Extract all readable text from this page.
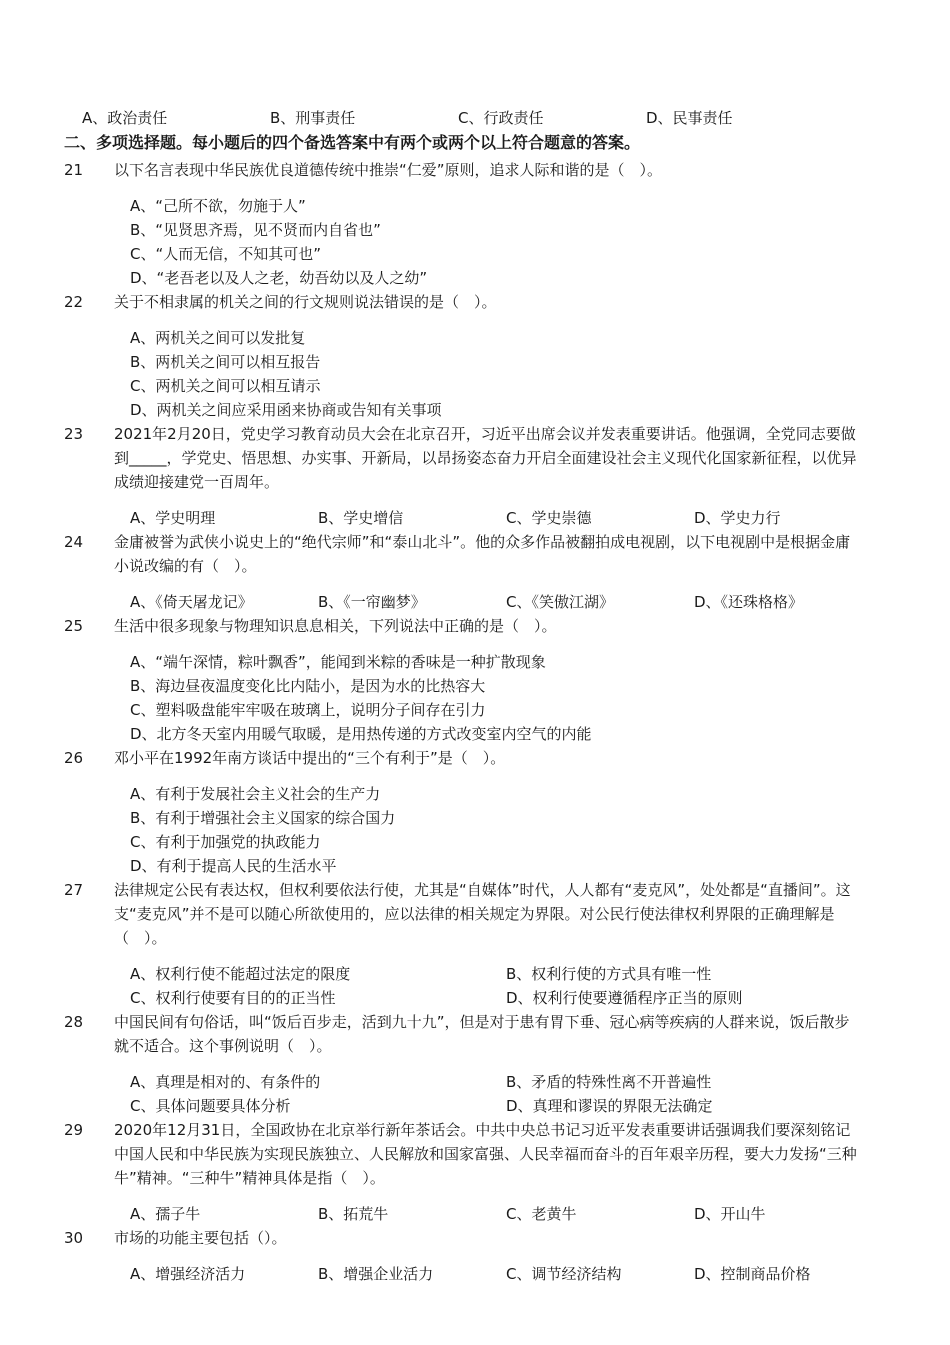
A、政治责任	B、刑事责任	C、行政责任	D、民事责任
二、多项选择题。每小题后的四个备选答案中有两个或两个以上符合题意的答案。
21 以下名言表现中华民族优良道德传统中推崇“仁爱”原则，追求人际和谐的是（　）。
A、“己所不欲，勿施于人”
B、“见贤思齐焉，见不贤而内自省也”
C、“人而无信，不知其可也”
D、“老吾老以及人之老，幼吾幼以及人之幼”
22 关于不相隶属的机关之间的行文规则说法错误的是（　）。
A、两机关之间可以发批复
B、两机关之间可以相互报告
C、两机关之间可以相互请示
D、两机关之间应采用函来协商或告知有关事项
23 2021年2月20日，党史学习教育动员大会在北京召开，习近平出席会议并发表重要讲话。他强调，全党同志要做到_____，学党史、悟思想、办实事、开新局，以昂扬姿态奋力开启全面建设社会主义现代化国家新征程，以优异成绩迎接建党一百周年。
A、学史明理	B、学史增信	C、学史崇德	D、学史力行
24 金庸被誉为武侠小说史上的“绝代宗师”和“泰山北斗”。他的众多作品被翻拍成电视剧，以下电视剧中是根据金庸小说改编的有（　）。
A、《倚天屠龙记》	B、《一帘幽梦》	C、《笑傲江湖》	D、《还珠格格》
25 生活中很多现象与物理知识息息相关，下列说法中正确的是（　）。
A、“端午深情，粽叶飘香”，能闻到米粽的香味是一种扩散现象
B、海边昼夜温度变化比内陆小，是因为水的比热容大
C、塑料吸盘能牢牢吸在玻璃上，说明分子间存在引力
D、北方冬天室内用暖气取暖，是用热传递的方式改变室内空气的内能
26 邓小平在1992年南方谈话中提出的“三个有利于”是（　）。
A、有利于发展社会主义社会的生产力
B、有利于增强社会主义国家的综合国力
C、有利于加强党的执政能力
D、有利于提高人民的生活水平
27 法律规定公民有表达权，但权利要依法行使，尤其是“自媒体”时代，人人都有“麦克风”，处处都是“直播间”。这支“麦克风”并不是可以随心所欲使用的，应以法律的相关规定为界限。对公民行使法律权利界限的正确理解是（　）。
A、权利行使不能超过法定的限度	B、权利行使的方式具有唯一性
C、权利行使要有目的的正当性	D、权利行使要遵循程序正当的原则
28 中国民间有句俗话，叫“饭后百步走，活到九十九”，但是对于患有胃下垂、冠心病等疾病的人群来说，饭后散步就不适合。这个事例说明（　）。
A、真理是相对的、有条件的	B、矛盾的特殊性离不开普遍性
C、具体问题要具体分析	D、真理和谬误的界限无法确定
29 2020年12月31日，全国政协在北京举行新年茶话会。中共中央总书记习近平发表重要讲话强调我们要深刻铭记中国人民和中华民族为实现民族独立、人民解放和国家富强、人民幸福而奋斗的百年艰辛历程，要大力发扬“三种牛”精神。“三种牛”精神具体是指（　）。
A、孺子牛	B、拓荒牛	C、老黄牛	D、开山牛
30 市场的功能主要包括（）。
A、增强经济活力	B、增强企业活力	C、调节经济结构	D、控制商品价格
